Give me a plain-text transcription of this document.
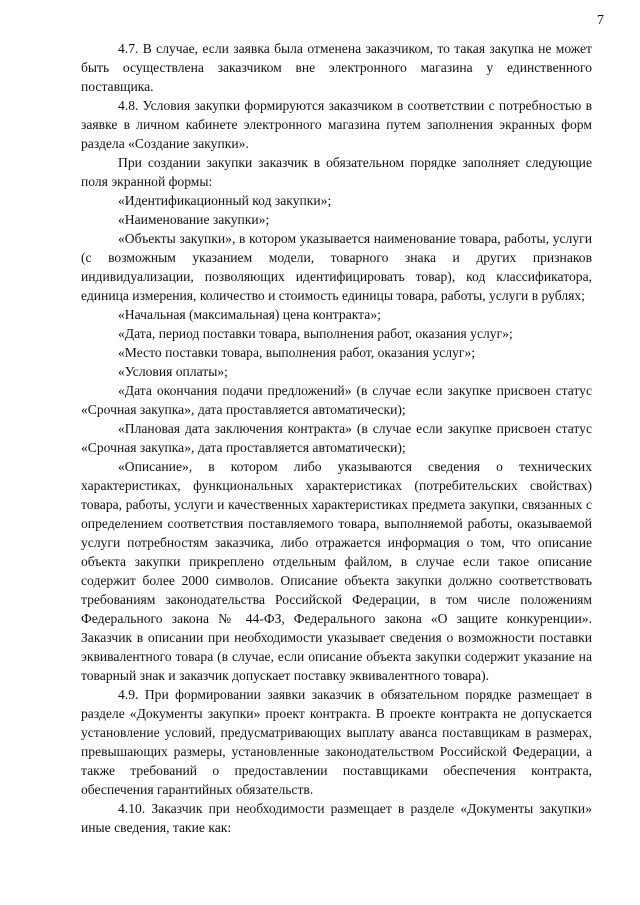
7

4.7. В случае, если заявка была отменена заказчиком, то такая закупка не может быть осуществлена заказчиком вне электронного магазина у единственного поставщика.

4.8. Условия закупки формируются заказчиком в соответствии с потребностью в заявке в личном кабинете электронного магазина путем заполнения экранных форм раздела «Создание закупки».

При создании закупки заказчик в обязательном порядке заполняет следующие поля экранной формы:

«Идентификационный код закупки»;

«Наименование закупки»;

«Объекты закупки», в котором указывается наименование товара, работы, услуги (с возможным указанием модели, товарного знака и других признаков индивидуализации, позволяющих идентифицировать товар), код классификатора, единица измерения, количество и стоимость единицы товара, работы, услуги в рублях;

«Начальная (максимальная) цена контракта»;

«Дата, период поставки товара, выполнения работ, оказания услуг»;

«Место поставки товара, выполнения работ, оказания услуг»;

«Условия оплаты»;

«Дата окончания подачи предложений» (в случае если закупке присвоен статус «Срочная закупка», дата проставляется автоматически);

«Плановая дата заключения контракта» (в случае если закупке присвоен статус «Срочная закупка», дата проставляется автоматически);

«Описание», в котором либо указываются сведения о технических характеристиках, функциональных характеристиках (потребительских свойствах) товара, работы, услуги и качественных характеристиках предмета закупки, связанных с определением соответствия поставляемого товара, выполняемой работы, оказываемой услуги потребностям заказчика, либо отражается информация о том, что описание объекта закупки прикреплено отдельным файлом, в случае если такое описание содержит более 2000 символов. Описание объекта закупки должно соответствовать требованиям законодательства Российской Федерации, в том числе положениям Федерального закона № 44-ФЗ, Федерального закона «О защите конкуренции». Заказчик в описании при необходимости указывает сведения о возможности поставки эквивалентного товара (в случае, если описание объекта закупки содержит указание на товарный знак и заказчик допускает поставку эквивалентного товара).

4.9. При формировании заявки заказчик в обязательном порядке размещает в разделе «Документы закупки» проект контракта. В проекте контракта не допускается установление условий, предусматривающих выплату аванса поставщикам в размерах, превышающих размеры, установленные законодательством Российской Федерации, а также требований о предоставлении поставщиками обеспечения контракта, обеспечения гарантийных обязательств.

4.10. Заказчик при необходимости размещает в разделе «Документы закупки» иные сведения, такие как:
